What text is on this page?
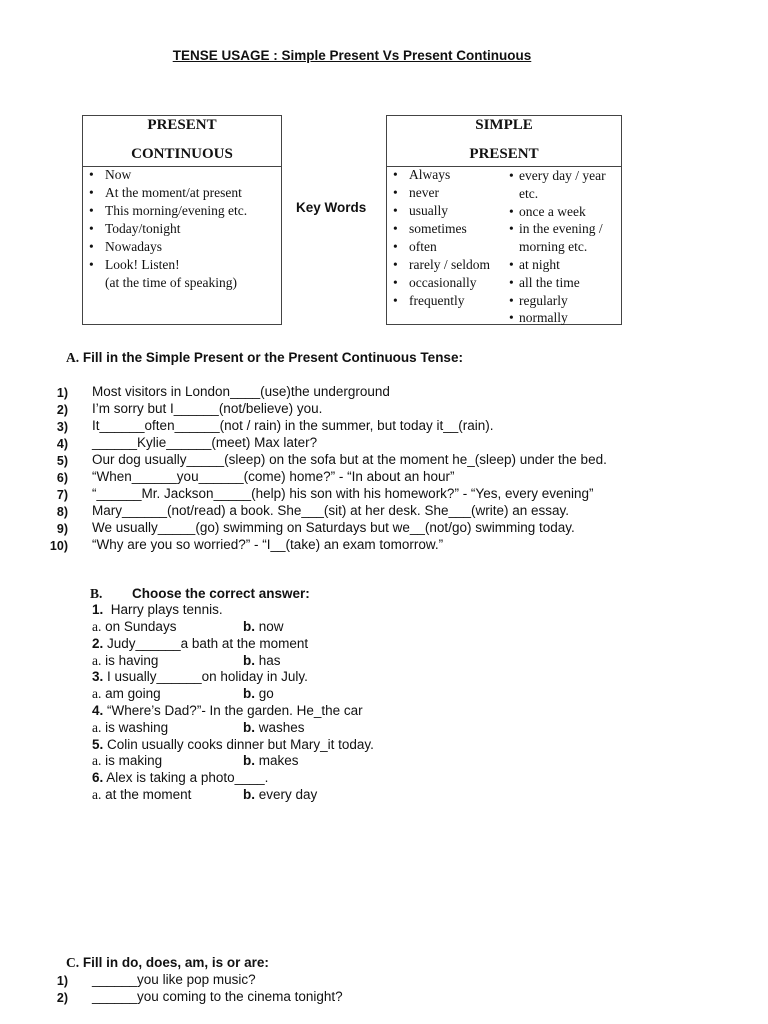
TENSE USAGE : Simple Present Vs Present Continuous
PRESENT
CONTINUOUS
• Now
• At the moment/at present
• This morning/evening etc.
• Today/tonight
• Nowadays
• Look! Listen!
(at the time of speaking)
Key Words
SIMPLE
PRESENT
• Always
• never
• usually
• sometimes
• often
• rarely / seldom
• occasionally
• frequently
• every day / year
etc.
• once a week
• in the evening /
morning etc.
• at night
• all the time
• regularly
• normally
A. Fill in the Simple Present or the Present Continuous Tense:
1) Most visitors in London____(use)the underground
2) I’m sorry but I______(not/believe) you.
3) It______often______(not / rain) in the summer, but today it__(rain).
4) ______Kylie______(meet) Max later?
5) Our dog usually_____(sleep) on the sofa but at the moment he_(sleep) under the bed.
6) “When______you______(come) home?” - “In about an hour”
7) “______Mr. Jackson_____(help) his son with his homework?” - “Yes, every evening”
8) Mary______(not/read) a book. She___(sit) at her desk. She___(write) an essay.
9) We usually_____(go) swimming on Saturdays but we__(not/go) swimming today.
10) “Why are you so worried?” - “I__(take) an exam tomorrow.”
B. Choose the correct answer:
1. Harry plays tennis.
a. on Sundays	b. now
2. Judy______a bath at the moment
a. is having	b. has
3. I usually______on holiday in July.
a. am going	b. go
4. “Where’s Dad?”- In the garden. He_the car
a. is washing	b. washes
5. Colin usually cooks dinner but Mary_it today.
a. is making	b. makes
6. Alex is taking a photo____.
a. at the moment	b. every day
C. Fill in do, does, am, is or are:
1) ______you like pop music?
2) ______you coming to the cinema tonight?
